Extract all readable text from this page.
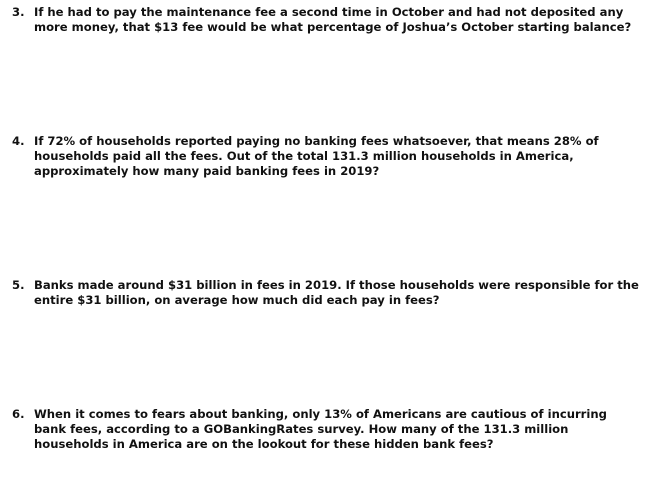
3. If he had to pay the maintenance fee a second time in October and had not deposited any more money, that $13 fee would be what percentage of Joshua’s October starting balance?
4. If 72% of households reported paying no banking fees whatsoever, that means 28% of households paid all the fees. Out of the total 131.3 million households in America, approximately how many paid banking fees in 2019?
5. Banks made around $31 billion in fees in 2019. If those households were responsible for the entire $31 billion, on average how much did each pay in fees?
6. When it comes to fears about banking, only 13% of Americans are cautious of incurring bank fees, according to a GOBankingRates survey. How many of the 131.3 million households in America are on the lookout for these hidden bank fees?
